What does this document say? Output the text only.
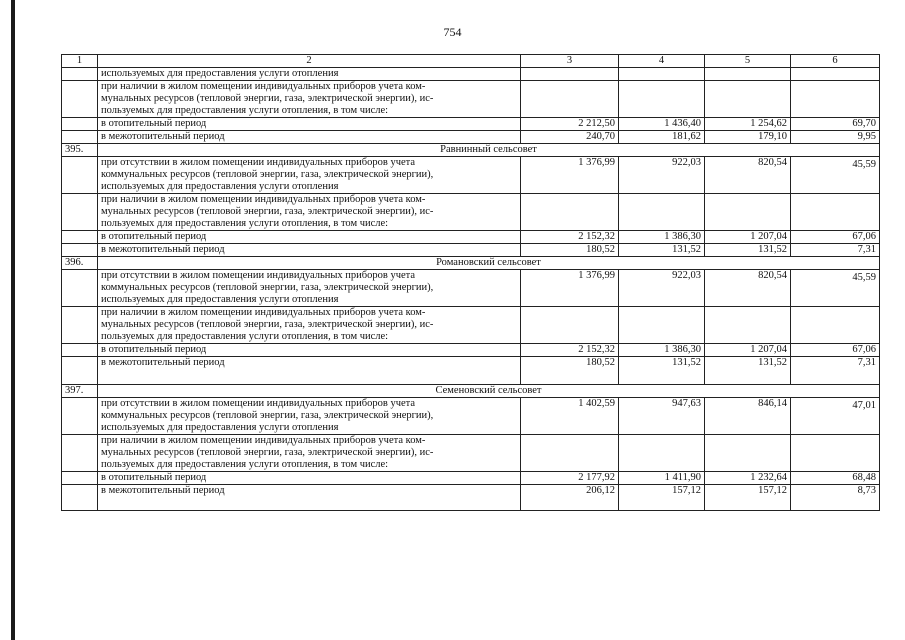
754
1	2	3	4	5	6
	используемых для предоставления услуги отопления				

	при наличии в жилом помещении индивидуальных приборов учета ком-
мунальных ресурсов (тепловой энергии, газа, электрической энергии), ис-
пользуемых для предоставления услуги отопления, в том числе:				

	в отопительный период	2 212,50	1 436,40	1 254,62	69,70
	в межотопительный период	240,70	181,62	179,10	9,95
395.	Равнинный сельсовет				

	при отсутствии в жилом помещении индивидуальных приборов учета
коммунальных ресурсов (тепловой энергии, газа, электрической энергии),
используемых для предоставления услуги отопления	1 376,99	922,03	820,54	45,59

	при наличии в жилом помещении индивидуальных приборов учета ком-
мунальных ресурсов (тепловой энергии, газа, электрической энергии), ис-
пользуемых для предоставления услуги отопления, в том числе:				

	в отопительный период	2 152,32	1 386,30	1 207,04	67,06
	в межотопительный период	180,52	131,52	131,52	7,31
396.	Романовский сельсовет				

	при отсутствии в жилом помещении индивидуальных приборов учета
коммунальных ресурсов (тепловой энергии, газа, электрической энергии),
используемых для предоставления услуги отопления	1 376,99	922,03	820,54	45,59

	при наличии в жилом помещении индивидуальных приборов учета ком-
мунальных ресурсов (тепловой энергии, газа, электрической энергии), ис-
пользуемых для предоставления услуги отопления, в том числе:				

	в отопительный период	2 152,32	1 386,30	1 207,04	67,06
	в межотопительный период	180,52	131,52	131,52	7,31
397.	Семеновский сельсовет				

	при отсутствии в жилом помещении индивидуальных приборов учета
коммунальных ресурсов (тепловой энергии, газа, электрической энергии),
используемых для предоставления услуги отопления	1 402,59	947,63	846,14	47,01

	при наличии в жилом помещении индивидуальных приборов учета ком-
мунальных ресурсов (тепловой энергии, газа, электрической энергии), ис-
пользуемых для предоставления услуги отопления, в том числе:				

	в отопительный период	2 177,92	1 411,90	1 232,64	68,48
	в межотопительный период	206,12	157,12	157,12	8,73
